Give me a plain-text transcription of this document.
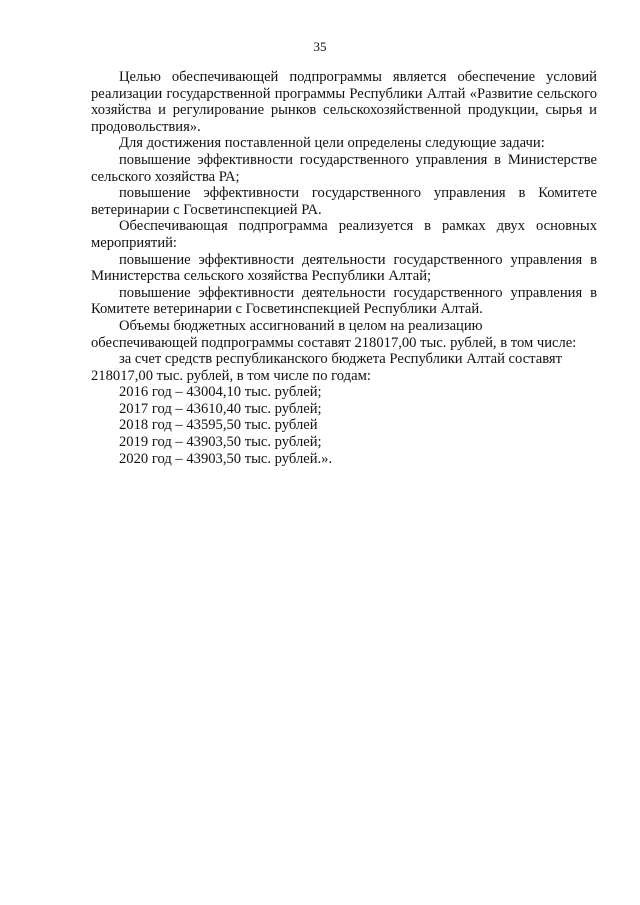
35

Целью обеспечивающей подпрограммы является обеспечение условий реализации государственной программы Республики Алтай «Развитие сельского хозяйства и регулирование рынков сельскохозяйственной продукции, сырья и продовольствия».

Для достижения поставленной цели определены следующие задачи:

повышение эффективности государственного управления в Министерстве сельского хозяйства РА;

повышение эффективности государственного управления в Комитете ветеринарии с Госветинспекцией РА.

Обеспечивающая подпрограмма реализуется в рамках двух основных мероприятий:

повышение эффективности деятельности государственного управления в Министерства сельского хозяйства Республики Алтай;

повышение эффективности деятельности государственного управления в Комитете ветеринарии с Госветинспекцией Республики Алтай.

Объемы бюджетных ассигнований в целом на реализацию

обеспечивающей подпрограммы составят 218017,00 тыс. рублей, в том числе:

за счет средств республиканского бюджета Республики Алтай составят

218017,00 тыс. рублей, в том числе по годам:

2016 год – 43004,10 тыс. рублей;

2017 год – 43610,40 тыс. рублей;

2018 год – 43595,50 тыс. рублей

2019 год – 43903,50 тыс. рублей;

2020 год – 43903,50 тыс. рублей.».
